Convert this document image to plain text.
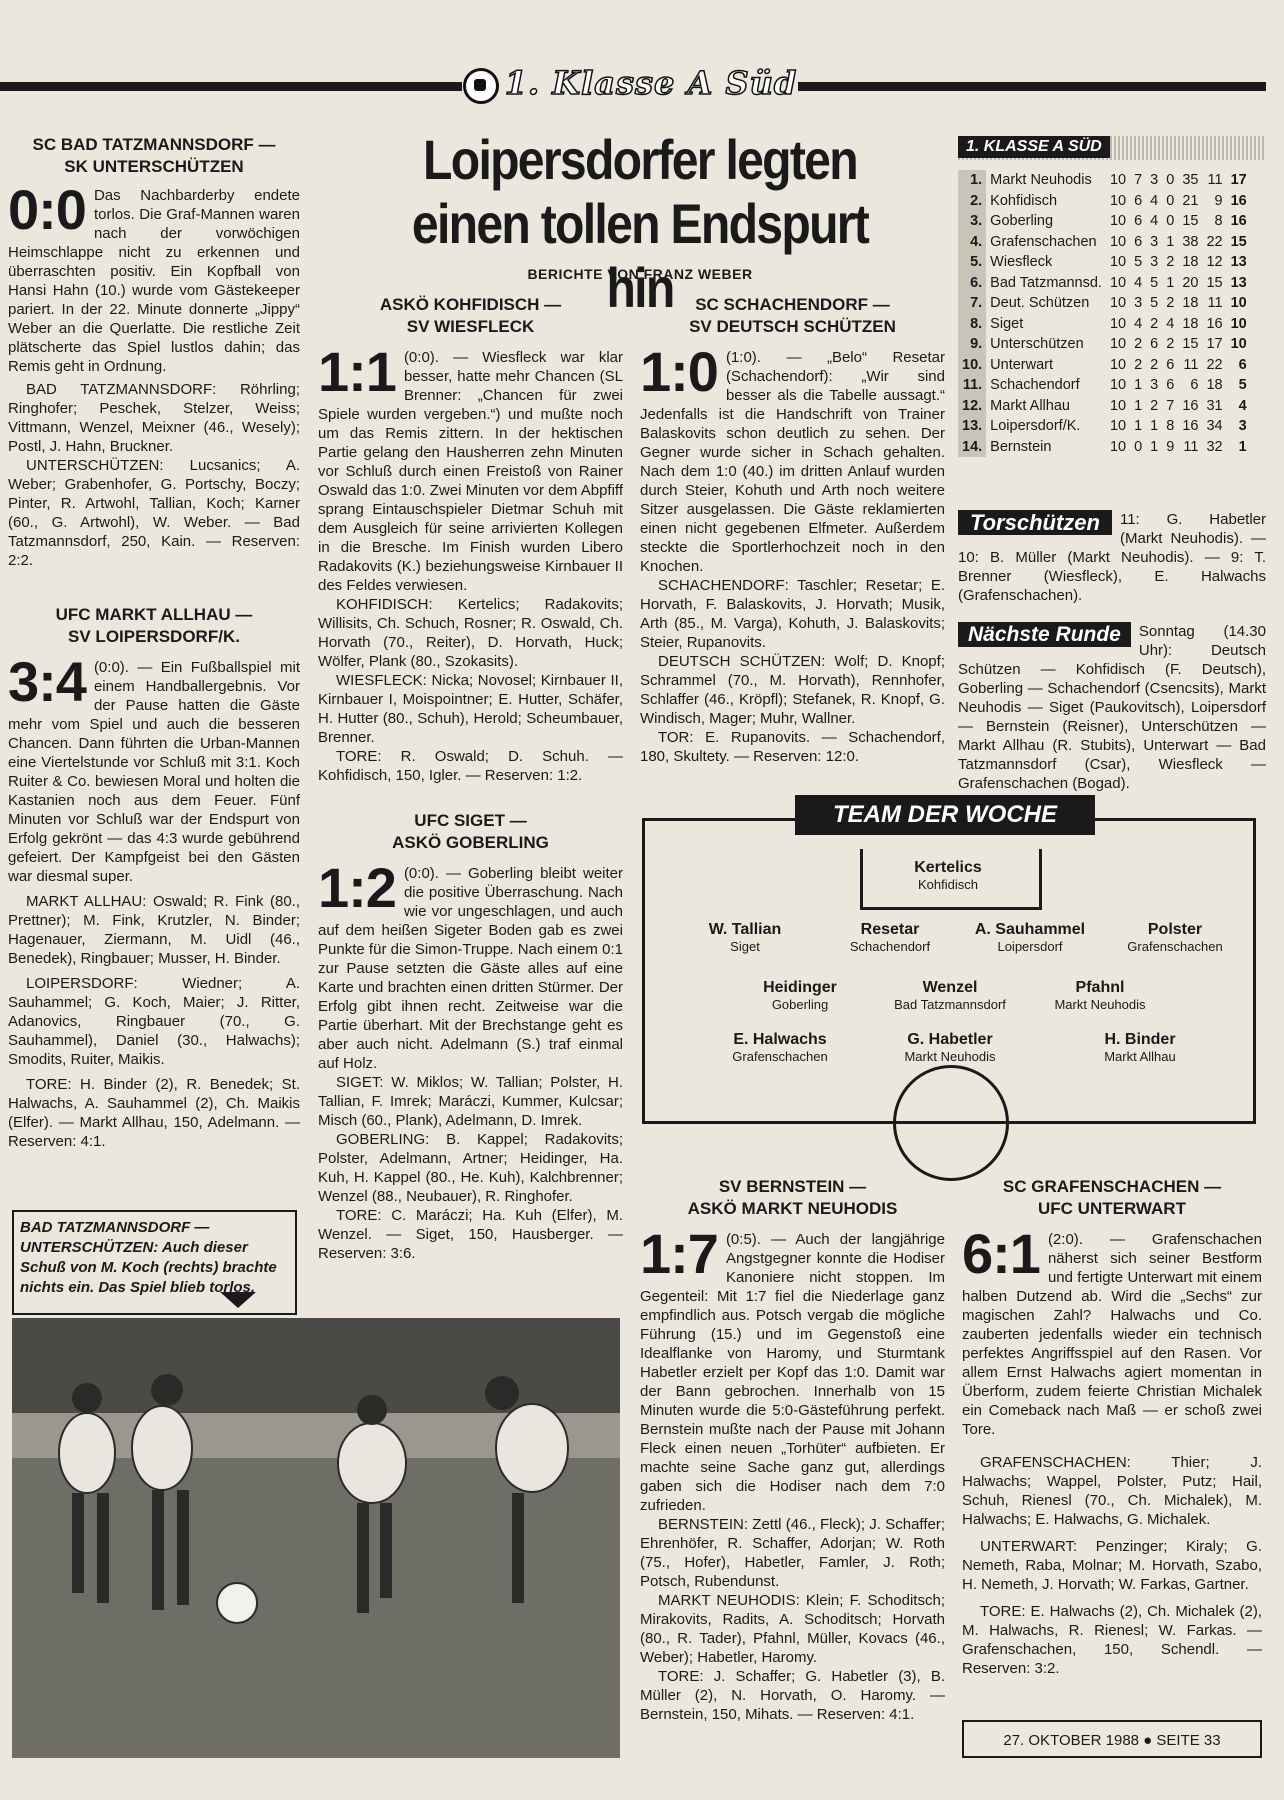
1. Klasse A Süd
SC BAD TATZMANNSDORF —
SK UNTERSCHÜTZEN
0:0 Das Nachbarderby endete torlos. Die Graf-Mannen waren nach der vorwöchigen Heimschlappe nicht zu erkennen und überraschten positiv. Ein Kopfball von Hansi Hahn (10.) wurde vom Gästekeeper pariert. In der 22. Minute donnerte „Jippy“ Weber an die Querlatte. Die restliche Zeit plätscherte das Spiel lustlos dahin; das Remis geht in Ordnung.

BAD TATZMANNSDORF: Röhrling; Ringhofer; Peschek, Stelzer, Weiss; Vittmann, Wenzel, Meixner (46., Wesely); Postl, J. Hahn, Bruckner.

UNTERSCHÜTZEN: Lucsanics; A. Weber; Grabenhofer, G. Portschy, Boczy; Pinter, R. Artwohl, Tallian, Koch; Karner (60., G. Artwohl), W. Weber. — Bad Tatzmannsdorf, 250, Kain. — Reserven: 2:2.

UFC MARKT ALLHAU —
SV LOIPERSDORF/K.
3:4 (0:0). — Ein Fußballspiel mit einem Handballergebnis. Vor der Pause hatten die Gäste mehr vom Spiel und auch die besseren Chancen. Dann führten die Urban-Mannen eine Viertelstunde vor Schluß mit 3:1. Koch Ruiter & Co. bewiesen Moral und holten die Kastanien noch aus dem Feuer. Fünf Minuten vor Schluß war der Endspurt von Erfolg gekrönt — das 4:3 wurde gebührend gefeiert. Der Kampfgeist bei den Gästen war diesmal super.

MARKT ALLHAU: Oswald; R. Fink (80., Prettner); M. Fink, Krutzler, N. Binder; Hagenauer, Ziermann, M. Uidl (46., Benedek), Ringbauer; Musser, H. Binder.

LOIPERSDORF: Wiedner; A. Sauhammel; G. Koch, Maier; J. Ritter, Adanovics, Ringbauer (70., G. Sauhammel), Daniel (30., Halwachs); Smodits, Ruiter, Maikis.

TORE: H. Binder (2), R. Benedek; St. Halwachs, A. Sauhammel (2), Ch. Maikis (Elfer). — Markt Allhau, 150, Adelmann. — Reserven: 4:1.

Loipersdorfer legten
einen tollen Endspurt hin
BERICHTE VON FRANZ WEBER
ASKÖ KOHFIDISCH —
SV WIESFLECK
1:1 (0:0). — Wiesfleck war klar besser, hatte mehr Chancen (SL Brenner: „Chancen für zwei Spiele wurden vergeben.“) und mußte noch um das Remis zittern. In der hektischen Partie gelang den Hausherren zehn Minuten vor Schluß durch einen Freistoß von Rainer Oswald das 1:0. Zwei Minuten vor dem Abpfiff sprang Eintauschspieler Dietmar Schuh mit dem Ausgleich für seine arrivierten Kollegen in die Bresche. Im Finish wurden Libero Radakovits (K.) beziehungsweise Kirnbauer II des Feldes verwiesen.

KOHFIDISCH: Kertelics; Radakovits; Willisits, Ch. Schuch, Rosner; R. Oswald, Ch. Horvath (70., Reiter), D. Horvath, Huck; Wölfer, Plank (80., Szokasits).

WIESFLECK: Nicka; Novosel; Kirnbauer II, Kirnbauer I, Moispointner; E. Hutter, Schäfer, H. Hutter (80., Schuh), Herold; Scheumbauer, Brenner.

TORE: R. Oswald; D. Schuh. — Kohfidisch, 150, Igler. — Reserven: 1:2.

UFC SIGET —
ASKÖ GOBERLING
1:2 (0:0). — Goberling bleibt weiter die positive Überraschung. Nach wie vor ungeschlagen, und auch auf dem heißen Sigeter Boden gab es zwei Punkte für die Simon-Truppe. Nach einem 0:1 zur Pause setzten die Gäste alles auf eine Karte und brachten einen dritten Stürmer. Der Erfolg gibt ihnen recht. Zeitweise war die Partie überhart. Mit der Brechstange geht es aber auch nicht. Adelmann (S.) traf einmal auf Holz.

SIGET: W. Miklos; W. Tallian; Polster, H. Tallian, F. Imrek; Maráczi, Kummer, Kulcsar; Misch (60., Plank), Adelmann, D. Imrek.

GOBERLING: B. Kappel; Radakovits; Polster, Adelmann, Artner; Heidinger, Ha. Kuh, H. Kappel (80., He. Kuh), Kalchbrenner; Wenzel (88., Neubauer), R. Ringhofer.

TORE: C. Maráczi; Ha. Kuh (Elfer), M. Wenzel. — Siget, 150, Hausberger. — Reserven: 3:6.

SC SCHACHENDORF —
SV DEUTSCH SCHÜTZEN
1:0 (1:0). — „Belo“ Resetar (Schachendorf): „Wir sind besser als die Tabelle aussagt.“ Jedenfalls ist die Handschrift von Trainer Balaskovits schon deutlich zu sehen. Der Gegner wurde sicher in Schach gehalten. Nach dem 1:0 (40.) im dritten Anlauf wurden durch Steier, Kohuth und Arth noch weitere Sitzer ausgelassen. Die Gäste reklamierten einen nicht gegebenen Elfmeter. Außerdem steckte die Sportlerhochzeit noch in den Knochen.

SCHACHENDORF: Taschler; Resetar; E. Horvath, F. Balaskovits, J. Horvath; Musik, Arth (85., M. Varga), Kohuth, J. Balaskovits; Steier, Rupanovits.

DEUTSCH SCHÜTZEN: Wolf; D. Knopf; Schrammel (70., M. Horvath), Rennhofer, Schlaffer (46., Kröpfl); Stefanek, R. Knopf, G. Windisch, Mager; Muhr, Wallner.

TOR: E. Rupanovits. — Schachendorf, 180, Skultety. — Reserven: 12:0.

1. KLASSE A SÜD
1.	Markt Neuhodis	10	7	3	0	35	11	17
2.	Kohfidisch	10	6	4	0	21	9	16
3.	Goberling	10	6	4	0	15	8	16
4.	Grafenschachen	10	6	3	1	38	22	15
5.	Wiesfleck	10	5	3	2	18	12	13
6.	Bad Tatzmannsd.	10	4	5	1	20	15	13
7.	Deut. Schützen	10	3	5	2	18	11	10
8.	Siget	10	4	2	4	18	16	10
9.	Unterschützen	10	2	6	2	15	17	10
10.	Unterwart	10	2	2	6	11	22	6
11.	Schachendorf	10	1	3	6	6	18	5
12.	Markt Allhau	10	1	2	7	16	31	4
13.	Loipersdorf/K.	10	1	1	8	16	34	3
14.	Bernstein	10	0	1	9	11	32	1
Torschützen	11: G. Habetler (Markt Neuhodis). — 10: B. Müller (Markt Neuhodis). — 9: T. Brenner (Wiesfleck), E. Halwachs (Grafenschachen).

Nächste Runde	Sonntag (14.30 Uhr): Deutsch Schützen — Kohfidisch (F. Deutsch), Goberling — Schachendorf (Csencsits), Markt Neuhodis — Siget (Paukovitsch), Loipersdorf — Bernstein (Reisner), Unterschützen — Markt Allhau (R. Stubits), Unterwart — Bad Tatzmannsdorf (Csar), Wiesfleck — Grafenschachen (Bogad).

TEAM DER WOCHE
Kertelics
Kohfidisch
W. Tallian
Siget
Resetar
Schachendorf
A. Sauhammel
Loipersdorf
Polster
Grafenschachen
Heidinger
Goberling
Wenzel
Bad Tatzmannsdorf
Pfahnl
Markt Neuhodis
E. Halwachs
Grafenschachen
G. Habetler
Markt Neuhodis
H. Binder
Markt Allhau
BAD TATZMANNSDORF — UNTERSCHÜTZEN: Auch dieser Schuß von M. Koch (rechts) brachte nichts ein. Das Spiel blieb torlos.
SV BERNSTEIN —
ASKÖ MARKT NEUHODIS
1:7 (0:5). — Auch der langjährige Angstgegner konnte die Hodiser Kanoniere nicht stoppen. Im Gegenteil: Mit 1:7 fiel die Niederlage ganz empfindlich aus. Potsch vergab die mögliche Führung (15.) und im Gegenstoß eine Idealflanke von Haromy, und Sturmtank Habetler erzielt per Kopf das 1:0. Damit war der Bann gebrochen. Innerhalb von 15 Minuten wurde die 5:0-Gästeführung perfekt. Bernstein mußte nach der Pause mit Johann Fleck einen neuen „Torhüter“ aufbieten. Er machte seine Sache ganz gut, allerdings gaben sich die Hodiser nach dem 7:0 zufrieden.

BERNSTEIN: Zettl (46., Fleck); J. Schaffer; Ehrenhöfer, R. Schaffer, Adorjan; W. Roth (75., Hofer), Habetler, Famler, J. Roth; Potsch, Rubendunst.

MARKT NEUHODIS: Klein; F. Schoditsch; Mirakovits, Radits, A. Schoditsch; Horvath (80., R. Tader), Pfahnl, Müller, Kovacs (46., Weber); Habetler, Haromy.

TORE: J. Schaffer; G. Habetler (3), B. Müller (2), N. Horvath, O. Haromy. — Bernstein, 150, Mihats. — Reserven: 4:1.

SC GRAFENSCHACHEN —
UFC UNTERWART
6:1 (2:0). — Grafenschachen näherst sich seiner Bestform und fertigte Unterwart mit einem halben Dutzend ab. Wird die „Sechs“ zur magischen Zahl? Halwachs und Co. zauberten jedenfalls wieder ein technisch perfektes Angriffsspiel auf den Rasen. Vor allem Ernst Halwachs agiert momentan in Überform, zudem feierte Christian Michalek ein Comeback nach Maß — er schoß zwei Tore.

GRAFENSCHACHEN: Thier; J. Halwachs; Wappel, Polster, Putz; Hail, Schuh, Rienesl (70., Ch. Michalek), M. Halwachs; E. Halwachs, G. Michalek.

UNTERWART: Penzinger; Kiraly; G. Nemeth, Raba, Molnar; M. Horvath, Szabo, H. Nemeth, J. Horvath; W. Farkas, Gartner.

TORE: E. Halwachs (2), Ch. Michalek (2), M. Halwachs, R. Rienesl; W. Farkas. — Grafenschachen, 150, Schendl. — Reserven: 3:2.

27. OKTOBER 1988 ● SEITE 33
